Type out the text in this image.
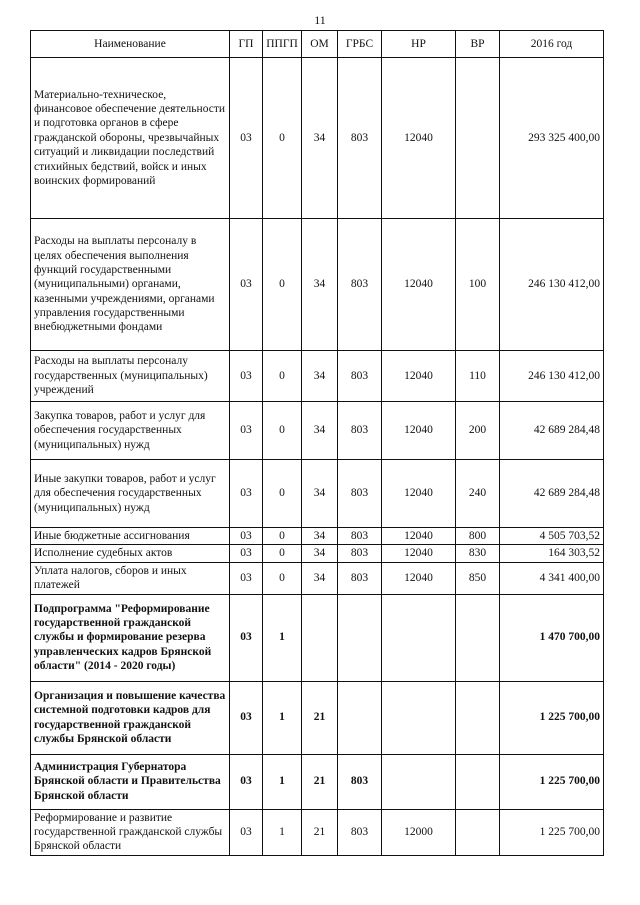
11
Наименование	ГП	ППГП	ОМ	ГРБС	НР	ВР	2016 год
Материально-техническое, финансовое обеспечение деятельности и подготовка органов в сфере гражданской обороны, чрезвычайных ситуаций и ликвидации последствий стихийных бедствий, войск и иных воинских формирований	03	0	34	803	12040		293 325 400,00
Расходы на выплаты персоналу в целях обеспечения выполнения функций государственными (муниципальными) органами, казенными учреждениями, органами управления государственными внебюджетными фондами	03	0	34	803	12040	100	246 130 412,00
Расходы на выплаты персоналу государственных (муниципальных) учреждений	03	0	34	803	12040	110	246 130 412,00
Закупка товаров, работ и услуг для обеспечения государственных (муниципальных) нужд	03	0	34	803	12040	200	42 689 284,48
Иные закупки товаров, работ и услуг для обеспечения государственных (муниципальных) нужд	03	0	34	803	12040	240	42 689 284,48
Иные бюджетные ассигнования	03	0	34	803	12040	800	4 505 703,52
Исполнение судебных актов	03	0	34	803	12040	830	164 303,52
Уплата налогов, сборов и иных платежей	03	0	34	803	12040	850	4 341 400,00
Подпрограмма "Реформирование государственной гражданской службы и формирование резерва управленческих кадров Брянской области" (2014 - 2020 годы)	03	1					1 470 700,00
Организация и повышение качества системной подготовки кадров для государственной гражданской службы Брянской области	03	1	21				1 225 700,00
Администрация Губернатора Брянской области и Правительства Брянской области	03	1	21	803			1 225 700,00
Реформирование и развитие государственной гражданской службы Брянской области	03	1	21	803	12000		1 225 700,00
